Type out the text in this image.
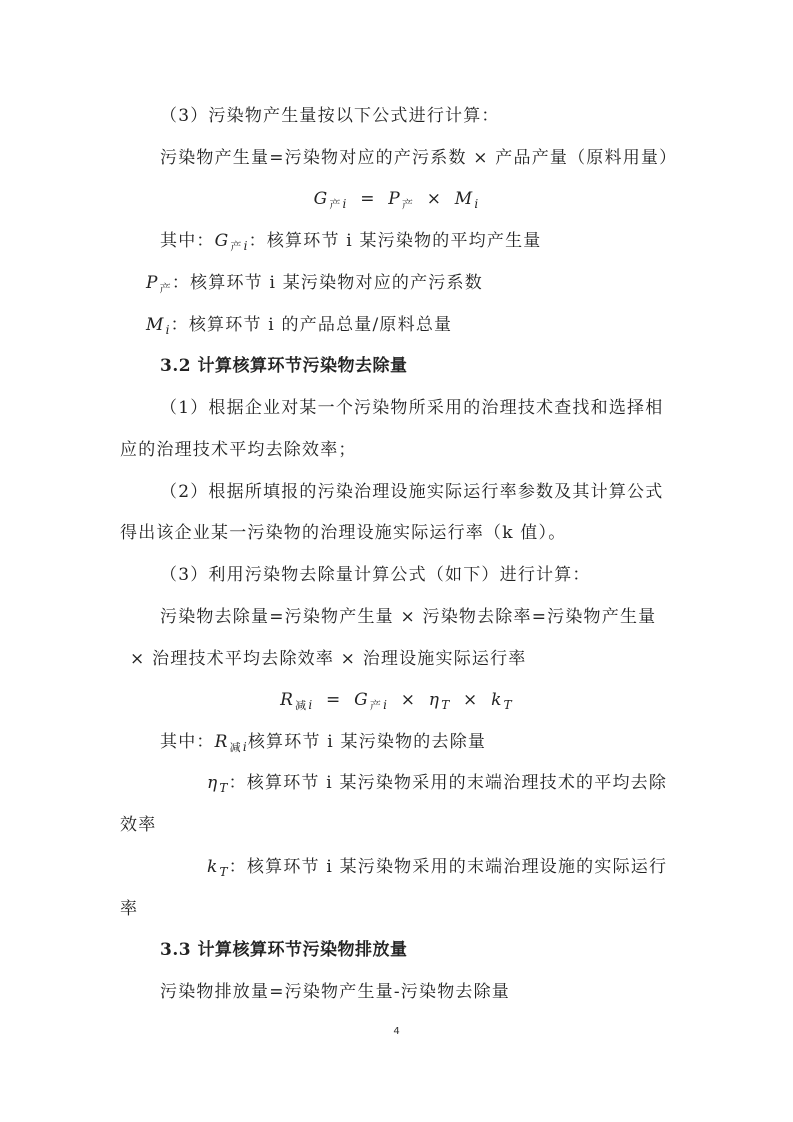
（3）污染物产生量按以下公式进行计算：
污染物产生量=污染物对应的产污系数 × 产品产量（原料用量）
$G_{产i} = P_产 \times M_i$
其中：$G_{产i}$：核算环节 i 某污染物的平均产生量
$P_产$：核算环节 i 某污染物对应的产污系数
$M_i$：核算环节 i 的产品总量/原料总量
3.2 计算核算环节污染物去除量
（1）根据企业对某一个污染物所采用的治理技术查找和选择相
应的治理技术平均去除效率；
（2）根据所填报的污染治理设施实际运行率参数及其计算公式
得出该企业某一污染物的治理设施实际运行率（k 值）。
（3）利用污染物去除量计算公式（如下）进行计算：
污染物去除量=污染物产生量 × 污染物去除率=污染物产生量
× 治理技术平均去除效率 × 治理设施实际运行率
$R_{减i} = G_{产i} \times \eta_T \times k_T$
其中：$R_{减i}$核算环节 i 某污染物的去除量
$\eta_T$：核算环节 i 某污染物采用的末端治理技术的平均去除
效率
$k_T$：核算环节 i 某污染物采用的末端治理设施的实际运行
率
3.3 计算核算环节污染物排放量
污染物排放量=污染物产生量-污染物去除量
4
